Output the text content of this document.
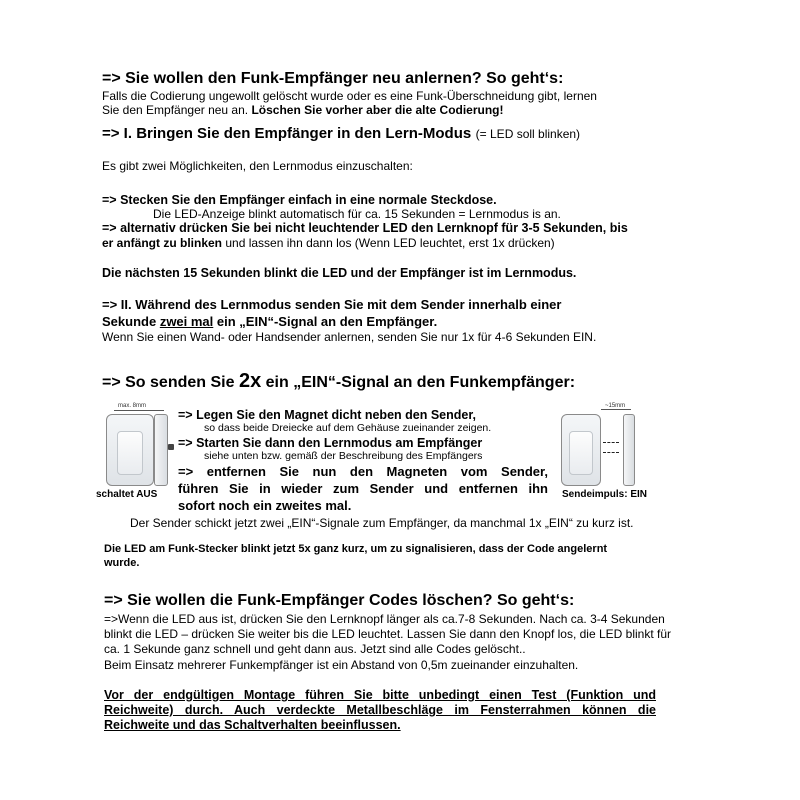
=> Sie wollen den Funk-Empfänger neu anlernen? So geht‘s:
Falls die Codierung ungewollt gelöscht wurde oder es eine Funk-Überschneidung gibt, lernen
Sie den Empfänger neu an. Löschen Sie vorher aber die alte Codierung!
=> I. Bringen Sie den Empfänger in den Lern-Modus (= LED soll blinken)
Es gibt zwei Möglichkeiten, den Lernmodus einzuschalten:
=> Stecken Sie den Empfänger einfach in eine normale Steckdose.
Die LED-Anzeige blinkt automatisch für ca. 15 Sekunden = Lernmodus is an.
=> alternativ drücken Sie bei nicht leuchtender LED den Lernknopf für 3-5 Sekunden, bis
er anfängt zu blinken und lassen ihn dann los (Wenn LED leuchtet, erst 1x drücken)
Die nächsten 15 Sekunden blinkt die LED und der Empfänger ist im Lernmodus.
=> II. Während des Lernmodus senden Sie mit dem Sender innerhalb einer
Sekunde zwei mal ein „EIN“-Signal an den Empfänger.
Wenn Sie einen Wand- oder Handsender anlernen, senden Sie nur 1x für 4-6 Sekunden EIN.
=> So senden Sie 2x ein „EIN“-Signal an den Funkempfänger:
max. 8mm
schaltet AUS
=> Legen Sie den Magnet dicht neben den Sender,
so dass beide Dreiecke auf dem Gehäuse zueinander zeigen.
=> Starten Sie dann den Lernmodus am Empfänger
siehe unten bzw. gemäß der Beschreibung des Empfängers
=> entfernen Sie nun den Magneten vom Sender,
führen Sie in wieder zum Sender und entfernen ihn
sofort noch ein zweites mal.
~15mm
Sendeimpuls: EIN
Der Sender schickt jetzt zwei „EIN“-Signale zum Empfänger, da manchmal 1x „EIN“ zu kurz ist.
Die LED am Funk-Stecker blinkt jetzt 5x ganz kurz, um zu signalisieren, dass der Code angelernt
wurde.
=> Sie wollen die Funk-Empfänger Codes löschen? So geht‘s:
=>Wenn die LED aus ist, drücken Sie den Lernknopf länger als ca.7-8 Sekunden. Nach ca. 3-4 Sekunden
blinkt die LED – drücken Sie weiter bis die LED leuchtet. Lassen Sie dann den Knopf los, die LED blinkt für
ca. 1 Sekunde ganz schnell und geht dann aus. Jetzt sind alle Codes gelöscht..
Beim Einsatz mehrerer Funkempfänger ist ein Abstand von 0,5m zueinander einzuhalten.
Vor der endgültigen Montage führen Sie bitte unbedingt einen Test (Funktion und
Reichweite) durch. Auch verdeckte Metallbeschläge im Fensterrahmen können die
Reichweite und das Schaltverhalten beeinflussen.
